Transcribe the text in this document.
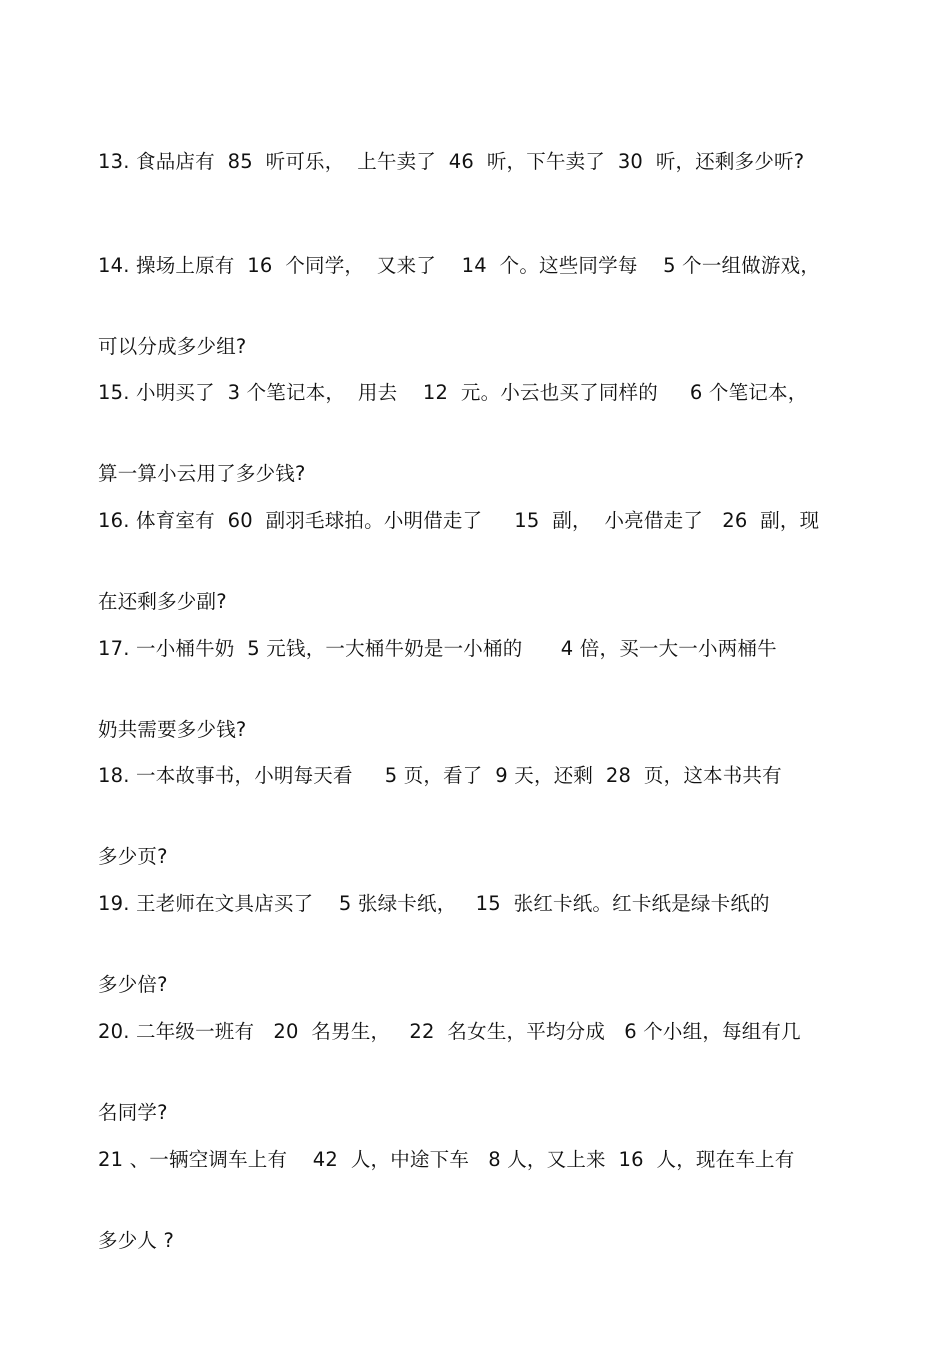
13. 食品店有  85  听可乐，  上午卖了  46  听，下午卖了  30  听，还剩多少听?

14. 操场上原有  16  个同学，  又来了    14  个。这些同学每    5 个一组做游戏，

可以分成多少组?

15. 小明买了  3 个笔记本，  用去    12  元。小云也买了同样的     6 个笔记本，

算一算小云用了多少钱?

16. 体育室有  60  副羽毛球拍。小明借走了     15  副，  小亮借走了   26  副，现

在还剩多少副?

17. 一小桶牛奶  5 元钱，一大桶牛奶是一小桶的      4 倍，买一大一小两桶牛

奶共需要多少钱?

18. 一本故事书，小明每天看     5 页，看了  9 天，还剩  28  页，这本书共有

多少页?

19. 王老师在文具店买了    5 张绿卡纸，   15  张红卡纸。红卡纸是绿卡纸的

多少倍?

20. 二年级一班有   20  名男生，   22  名女生，平均分成   6 个小组，每组有几

名同学?

21 、一辆空调车上有    42  人，中途下车   8 人，又上来  16  人，现在车上有

多少人 ?
